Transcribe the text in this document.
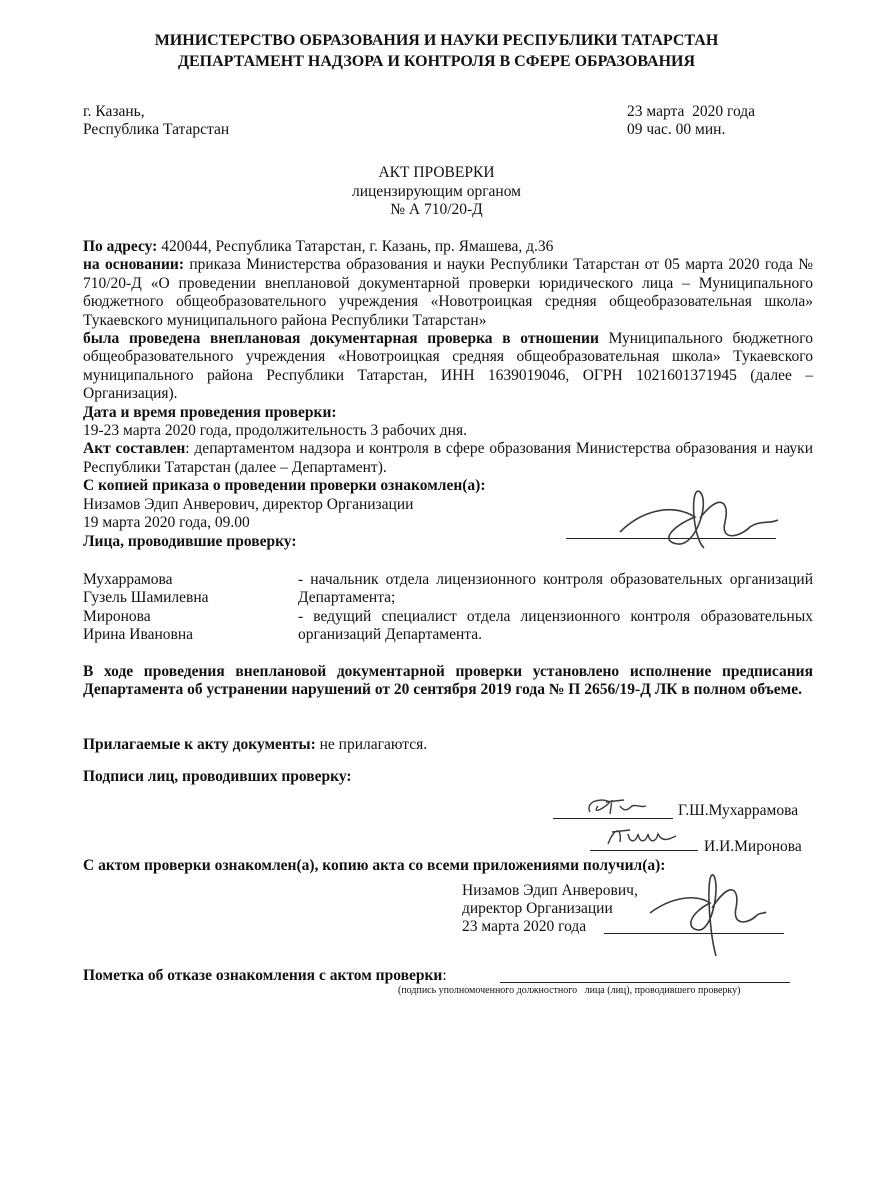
МИНИСТЕРСТВО ОБРАЗОВАНИЯ И НАУКИ РЕСПУБЛИКИ ТАТАРСТАН
ДЕПАРТАМЕНТ НАДЗОРА И КОНТРОЛЯ В СФЕРЕ ОБРАЗОВАНИЯ
г. Казань,
Республика Татарстан
23 марта  2020 года
09 час. 00 мин.
АКТ ПРОВЕРКИ
лицензирующим органом
№ А 710/20-Д
По адресу: 420044, Республика Татарстан, г. Казань, пр. Ямашева, д.36
на основании: приказа Министерства образования и науки Республики Татарстан от 05 марта 2020 года № 710/20-Д «О проведении внеплановой документарной проверки юридического лица – Муниципального бюджетного общеобразовательного учреждения «Новотроицкая средняя общеобразовательная школа» Тукаевского муниципального района Республики Татарстан»
была проведена внеплановая документарная проверка в отношении Муниципального бюджетного общеобразовательного учреждения «Новотроицкая средняя общеобразовательная школа» Тукаевского муниципального района Республики Татарстан, ИНН 1639019046, ОГРН 1021601371945 (далее – Организация).
Дата и время проведения проверки:
19-23 марта 2020 года, продолжительность 3 рабочих дня.
Акт составлен: департаментом надзора и контроля в сфере образования Министерства образования и науки Республики Татарстан (далее – Департамент).
С копией приказа о проведении проверки ознакомлен(а):
Низамов Эдип Анверович, директор Организации
19 марта 2020 года, 09.00
Лица, проводившие проверку:
Мухаррамова
Гузель Шамилевна
- начальник отдела лицензионного контроля образовательных организаций Департамента;
Миронова
Ирина Ивановна
- ведущий специалист отдела лицензионного контроля образовательных организаций Департамента.
В ходе проведения внеплановой документарной проверки установлено исполнение предписания Департамента об устранении нарушений от 20 сентября 2019 года № П 2656/19-Д ЛК в полном объеме.
Прилагаемые к акту документы: не прилагаются.
Подписи лиц, проводивших проверку:
Г.Ш.Мухаррамова
И.И.Миронова
С актом проверки ознакомлен(а), копию акта со всеми приложениями получил(а):
Низамов Эдип Анверович,
директор Организации
23 марта 2020 года
Пометка об отказе ознакомления с актом проверки:
(подпись уполномоченного должностного   лица (лиц), проводившего проверку)
